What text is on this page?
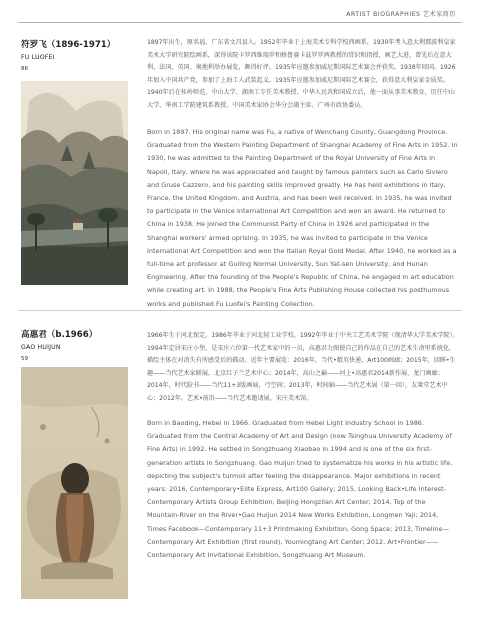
ARTIST BIOGRAPHIES 艺术家简历
符罗飞（1896-1971）
FU LUOFEI
86

1897年出生，原名福，广东省文昌县人。1952年毕业于上海美术专科学校西画系，1930年考入意大利那波利皇家美术大学研究院绘画系，深得该院卡罗西维瑞罗和格鲁赛卡兹罗罗两教授的赏识和指授，画艺大进，曾先后在意大利、法国、英国、奥地利举办展览，颇得好评。1935年应邀参加威尼斯国际艺术赛会并获奖。1938年回国。1926年加入中国共产党，参加了上海工人武装起义。1935年应邀参加威尼斯国际艺术赛会，获得意大利皇家金质奖。1940年后在桂岭师范、中山大学、湖南工专任美术教授。中华人民共和国成立后，他一面从事美术教育，历任中山大学、华南工学院建筑系教授、中国美术家协会华分会副主席、广州市政协委员。

Born in 1897. His original name was Fu, a native of Wenchang County, Guangdong Province. Graduated from the Western Painting Department of Shanghai Academy of Fine Arts in 1952. In 1930, he was admitted to the Painting Department of the Royal University of Fine Arts in Napoli, Italy, where he was appreciated and taught by famous painters such as Carlo Siviero and Gruse Cazzero, and his painting skills improved greatly. He has held exhibitions in Italy, France, the United Kingdom, and Austria, and has been well received. In 1935, he was invited to participate in the Venice International Art Competition and won an award. He returned to China in 1938. He joined the Communist Party of China in 1926 and participated in the Shanghai workers' armed uprising. In 1935, he was invited to participate in the Venice International Art Competition and won the Italian Royal Gold Medal. After 1940, he worked as a full-time art professor at Guiling Normal University, Sun Yat-sen University, and Hunan Engineering. After the founding of the People's Republic of China, he engaged in art education while creating art. In 1988, the People's Fine Arts Publishing House collected his posthumous works and published Fu Luofei's Painting Collection.

高惠君（b.1966）
GAO HUIJUN
59

1966年生于河北保定。1986年毕业于河北轻工业学校。1992年毕业于中央工艺美术学院（现清华大学美术学院）。1994年定居宋庄小堡，是宋庄六位第一代艺术家中的一员，高惠君力图使自己的作品在自己的艺术生命里系统化，描绘主体在对消失有所感受后的描动。近年主要展览：2016年，当代•精英快递，Art100画廊；2015年，回眸•生趣——当代艺术家联展，北京红子兰艺术中心；2014年，高山之巅——河上•高惠君2014新作展，龙门画廊；2014年，时代脸书——当代11+3版画展，弓空间；2013年，时间轴——当代艺术展（第一回），友莱堂艺术中心；2012年，艺术•前沿——当代艺术邀请展，宋庄美术馆。

Born in Baoding, Hebei in 1966. Graduated from Hebei Light Industry School in 1986. Graduated from the Central Academy of Art and Design (now Tsinghua University Academy of Fine Arts) in 1992. He settled in Songzhuang Xiaobao in 1994 and is one of the six first-generation artists in Songzhuang. Gao Huijun tried to systematize his works in his artistic life, depicting the subject's turmoil after feeling the disappearance. Major exhibitions in recent years: 2016, Contemporary•Elite Express, Art100 Gallery; 2015, Looking Back•Life Interest-Contemporary Artists Group Exhibition, Beijing Hongzilan Art Center; 2014, Top of the Mountain-River on the River•Gao Huijun 2014 New Works Exhibition, Longmen Yaji; 2014, Times Facebook—Contemporary 11+3 Printmaking Exhibition, Gong Space; 2013, Timeline—Contemporary Art Exhibition (first round), Youmingtang Art Center; 2012, Art•Frontier——Contemporary Art Invitational Exhibition, Songzhuang Art Museum.
